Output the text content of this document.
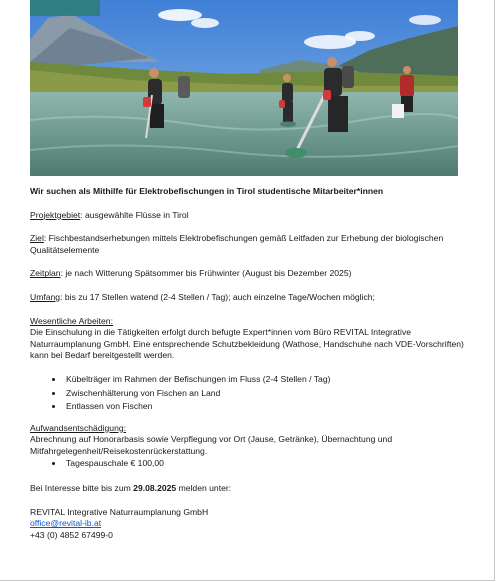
Wir suchen als Mithilfe für Elektrobefischungen in Tirol studentische Mitarbeiter*innen

Projektgebiet: ausgewählte Flüsse in Tirol

Ziel: Fischbestandserhebungen mittels Elektrobefischungen gemäß Leitfaden zur Erhebung der biologischen Qualitätselemente

Zeitplan: je nach Witterung Spätsommer bis Frühwinter (August bis Dezember 2025)

Umfang: bis zu 17 Stellen watend (2-4 Stellen / Tag); auch einzelne Tage/Wochen möglich;

Wesentliche Arbeiten:

Die Einschulung in die Tätigkeiten erfolgt durch befugte Expert*innen vom Büro REVITAL Integrative Naturraumplanung GmbH. Eine entsprechende Schutzbekleidung (Wathose, Handschuhe nach VDE-Vorschriften) kann bei Bedarf bereitgestellt werden.

• Kübelträger im Rahmen der Befischungen im Fluss (2-4 Stellen / Tag)
• Zwischenhälterung von Fischen an Land
• Entlassen von Fischen
Aufwandsentschädigung:

Abrechnung auf Honorarbasis sowie Verpflegung vor Ort (Jause, Getränke), Übernachtung und Mitfahrgelegenheit/Reisekostenrückerstattung.

• Tagespauschale € 100,00

Bei Interesse bitte bis zum 29.08.2025 melden unter:

REVITAL Integrative Naturraumplanung GmbH
office@revital-ib.at
+43 (0) 4852 67499-0
